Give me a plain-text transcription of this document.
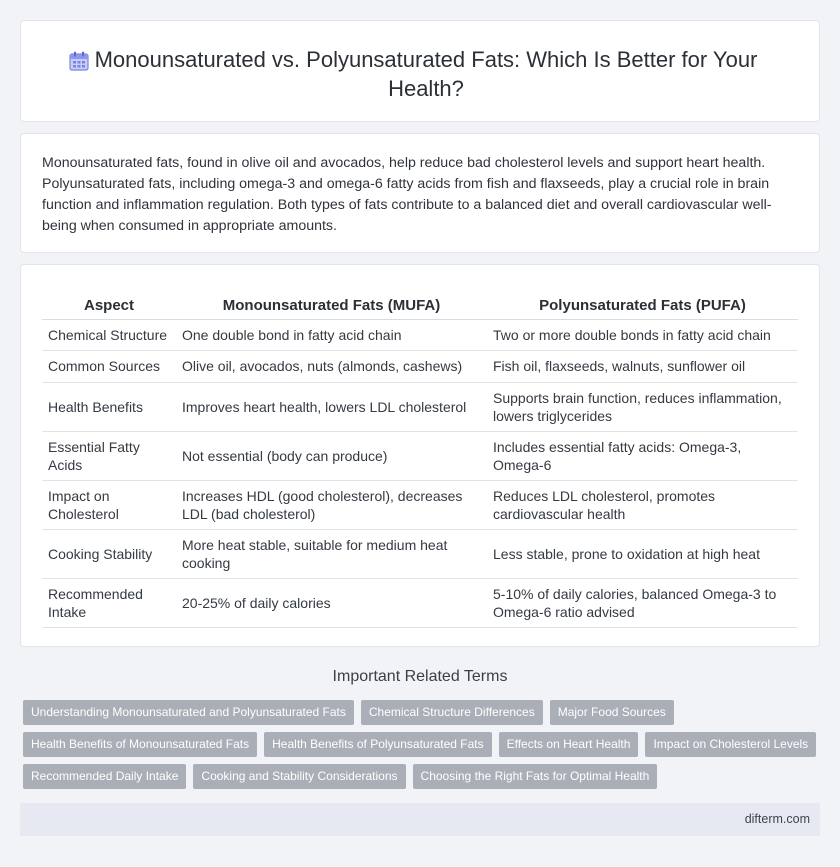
Monounsaturated vs. Polyunsaturated Fats: Which Is Better for Your Health?

Monounsaturated fats, found in olive oil and avocados, help reduce bad cholesterol levels and support heart health. Polyunsaturated fats, including omega-3 and omega-6 fatty acids from fish and flaxseeds, play a crucial role in brain function and inflammation regulation. Both types of fats contribute to a balanced diet and overall cardiovascular well-being when consumed in appropriate amounts.

Aspect	Monounsaturated Fats (MUFA)	Polyunsaturated Fats (PUFA)
Chemical Structure	One double bond in fatty acid chain	Two or more double bonds in fatty acid chain
Common Sources	Olive oil, avocados, nuts (almonds, cashews)	Fish oil, flaxseeds, walnuts, sunflower oil
Health Benefits	Improves heart health, lowers LDL cholesterol	Supports brain function, reduces inflammation, lowers triglycerides
Essential Fatty Acids	Not essential (body can produce)	Includes essential fatty acids: Omega-3, Omega-6
Impact on Cholesterol	Increases HDL (good cholesterol), decreases LDL (bad cholesterol)	Reduces LDL cholesterol, promotes cardiovascular health
Cooking Stability	More heat stable, suitable for medium heat cooking	Less stable, prone to oxidation at high heat
Recommended Intake	20-25% of daily calories	5-10% of daily calories, balanced Omega-3 to Omega-6 ratio advised
Important Related Terms
Understanding Monounsaturated and Polyunsaturated Fats	Chemical Structure Differences	Major Food Sources
Health Benefits of Monounsaturated Fats	Health Benefits of Polyunsaturated Fats	Effects on Heart Health	Impact on Cholesterol Levels
Recommended Daily Intake	Cooking and Stability Considerations	Choosing the Right Fats for Optimal Health
difterm.com
